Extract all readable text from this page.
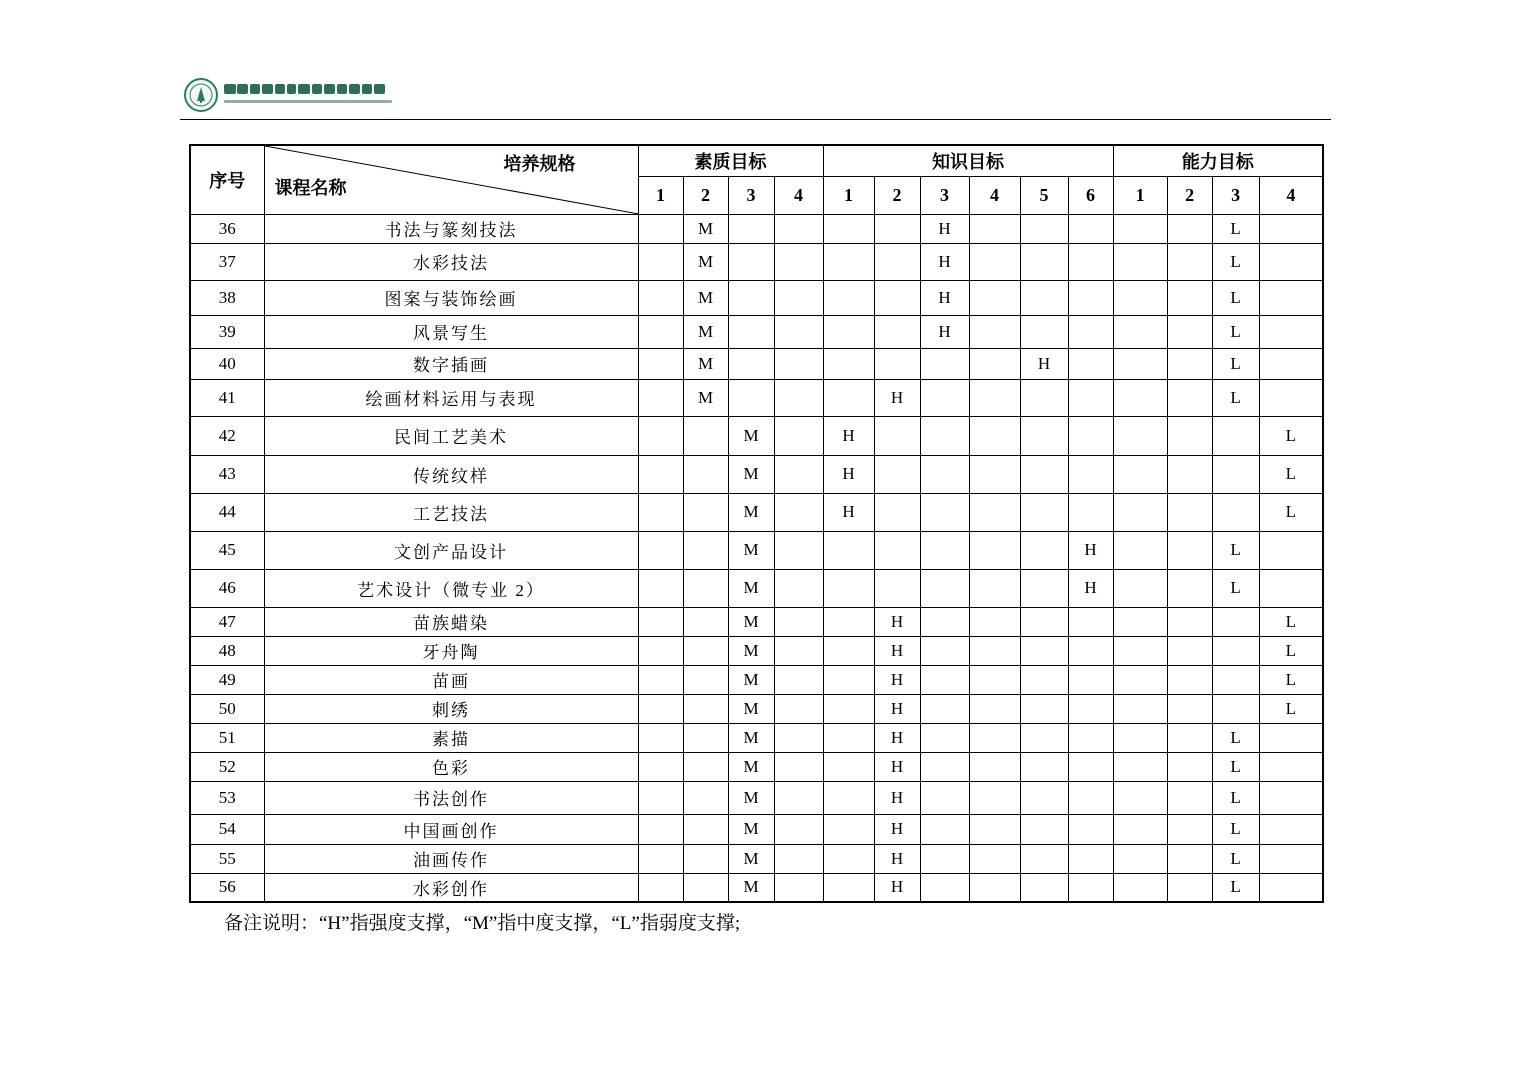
序号	培养规格
课程名称	素质目标				知识目标						能力目标			
		1	2	3	4	1	2	3	4	5	6	1	2	3	4
36	书法与篆刻技法		M					H						L	
37	水彩技法		M					H						L	
38	图案与装饰绘画		M					H						L	
39	风景写生		M					H						L	
40	数字插画		M							H				L	
41	绘画材料运用与表现		M				H							L	
42	民间工艺美术			M		H									L
43	传统纹样			M		H									L
44	工艺技法			M		H									L
45	文创产品设计			M							H			L	
46	艺术设计（微专业 2）			M							H			L	
47	苗族蜡染			M			H								L
48	牙舟陶			M			H								L
49	苗画			M			H								L
50	刺绣			M			H								L
51	素描			M			H							L	
52	色彩			M			H							L	
53	书法创作			M			H							L	
54	中国画创作			M			H							L	
55	油画传作			M			H							L	
56	水彩创作			M			H							L	
备注说明：“H”指强度支撑，“M”指中度支撑，“L”指弱度支撑;
